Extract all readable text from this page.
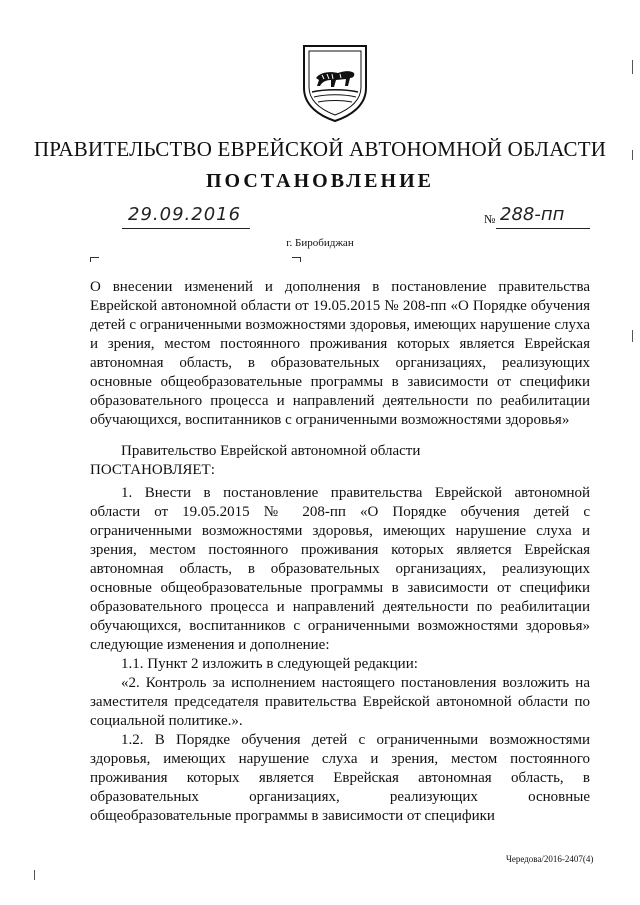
ПРАВИТЕЛЬСТВО ЕВРЕЙСКОЙ АВТОНОМНОЙ ОБЛАСТИ
ПОСТАНОВЛЕНИЕ
29.09.2016	№ 288-пп
г. Биробиджан
О внесении изменений и дополнения в постановление правительства Еврейской автономной области от 19.05.2015 № 208-пп «О Порядке обучения детей с ограниченными возможностями здоровья, имеющих нарушение слуха и зрения, местом постоянного проживания которых является Еврейская автономная область, в образовательных организациях, реализующих основные общеобразовательные программы в зависимости от специфики образовательного процесса и направлений деятельности по реабилитации обучающихся, воспитанников с ограниченными возможностями здоровья»
Правительство Еврейской автономной области
ПОСТАНОВЛЯЕТ:

1. Внести в постановление правительства Еврейской автономной области от 19.05.2015 № 208-пп «О Порядке обучения детей с ограниченными возможностями здоровья, имеющих нарушение слуха и зрения, местом постоянного проживания которых является Еврейская автономная область, в образовательных организациях, реализующих основные общеобразовательные программы в зависимости от специфики образовательного процесса и направлений деятельности по реабилитации обучающихся, воспитанников с ограниченными возможностями здоровья» следующие изменения и дополнение:

1.1. Пункт 2 изложить в следующей редакции:

«2. Контроль за исполнением настоящего постановления возложить на заместителя председателя правительства Еврейской автономной области по социальной политике.».

1.2. В Порядке обучения детей с ограниченными возможностями здоровья, имеющих нарушение слуха и зрения, местом постоянного проживания которых является Еврейская автономная область, в образовательных организациях, реализующих основные общеобразовательные программы в зависимости от специфики

Чередова/2016-2407(4)
